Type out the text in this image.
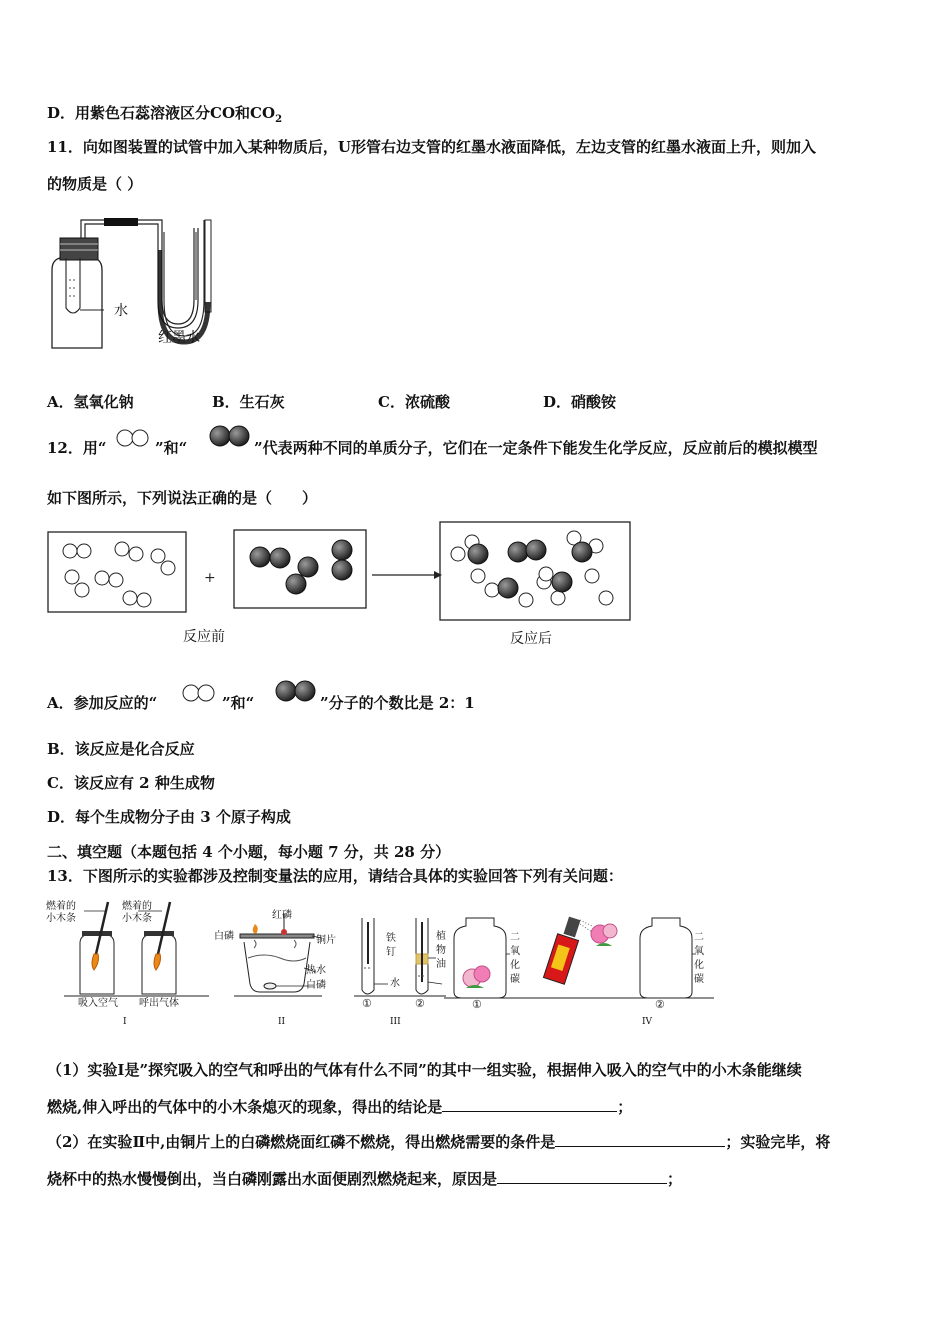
D．用紫色石蕊溶液区分CO和$CO_2$
11．向如图装置的试管中加入某种物质后，U形管右边支管的红墨水液面降低，左边支管的红墨水液面上升，则加入
的物质是（ ）
水
红墨水
A．氢氧化钠	B．生石灰	C．浓硫酸	D．硝酸铵
12．用“	”和“	”代表两种不同的单质分子，它们在一定条件下能发生化学反应，反应前后的模拟模型
如下图所示，下列说法正确的是（　　）
+
反应前	反应后
A．参加反应的“	”和“	”分子的个数比是 2：1
B．该反应是化合反应
C．该反应有 2 种生成物
D．每个生成物分子由 3 个原子构成
二、填空题（本题包括 4 个小题，每小题 7 分，共 28 分）
13．下图所示的实验都涉及控制变量法的应用，请结合具体的实验回答下列有关问题：
燃着的
小木条
燃着的
小木条
吸入空气 呼出气体
I
红磷
白磷	铜片
热水
白磷
II
铁
钉
植
物
油
水
①	②
III
二
氧
化
碳
①
二
氧
化
碳
②
IV
（1）实验Ⅰ是”探究吸入的空气和呼出的气体有什么不同”的其中一组实验，根据伸入吸入的空气中的小木条能继续
燃烧,伸入呼出的气体中的小木条熄灭的现象，得出的结论是	；
（2）在实验Ⅱ中,由铜片上的白磷燃烧面红磷不燃烧，得出燃烧需要的条件是	；实验完毕，将
烧杯中的热水慢慢倒出，当白磷刚露出水面便剧烈燃烧起来，原因是	；
